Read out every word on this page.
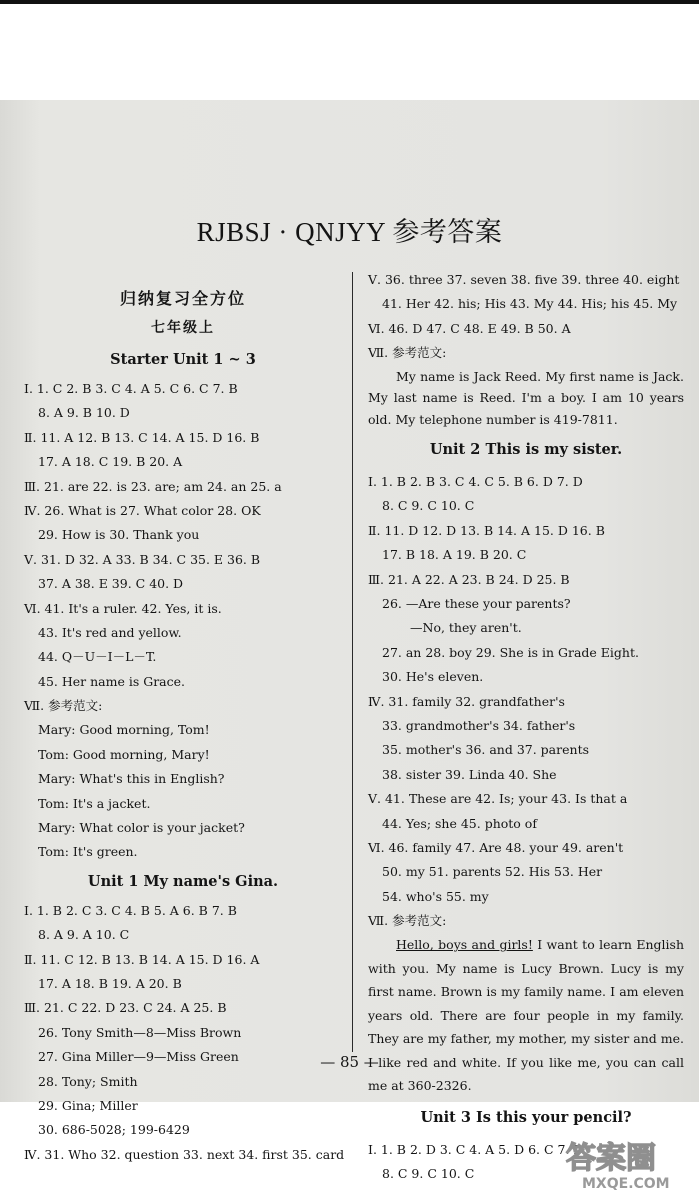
RJBSJ · QNJYY 参考答案
归纳复习全方位
七年级上
Starter Unit 1 ~ 3
Ⅰ. 1. C 2. B 3. C 4. A 5. C 6. C 7. B
8. A 9. B 10. D
Ⅱ. 11. A 12. B 13. C 14. A 15. D 16. B
17. A 18. C 19. B 20. A
Ⅲ. 21. are 22. is 23. are; am 24. an 25. a
Ⅳ. 26. What is 27. What color 28. OK
29. How is 30. Thank you
Ⅴ. 31. D 32. A 33. B 34. C 35. E 36. B
37. A 38. E 39. C 40. D
Ⅵ. 41. It's a ruler. 42. Yes, it is.
43. It's red and yellow.
44. Q－U－I－L－T.
45. Her name is Grace.
Ⅶ. 参考范文:
Mary: Good morning, Tom!
Tom: Good morning, Mary!
Mary: What's this in English?
Tom: It's a jacket.
Mary: What color is your jacket?
Tom: It's green.
Unit 1 My name's Gina.
Ⅰ. 1. B 2. C 3. C 4. B 5. A 6. B 7. B
8. A 9. A 10. C
Ⅱ. 11. C 12. B 13. B 14. A 15. D 16. A
17. A 18. B 19. A 20. B
Ⅲ. 21. C 22. D 23. C 24. A 25. B
26. Tony Smith—8—Miss Brown
27. Gina Miller—9—Miss Green
28. Tony; Smith
29. Gina; Miller
30. 686-5028; 199-6429
Ⅳ. 31. Who 32. question 33. next 34. first 35. card
Ⅴ. 36. three 37. seven 38. five 39. three 40. eight
41. Her 42. his; His 43. My 44. His; his 45. My
Ⅵ. 46. D 47. C 48. E 49. B 50. A
Ⅶ. 参考范文:
My name is Jack Reed. My first name is Jack. My last name is Reed. I'm a boy. I am 10 years old. My telephone number is 419-7811.
Unit 2 This is my sister.
Ⅰ. 1. B 2. B 3. C 4. C 5. B 6. D 7. D
8. C 9. C 10. C
Ⅱ. 11. D 12. D 13. B 14. A 15. D 16. B
17. B 18. A 19. B 20. C
Ⅲ. 21. A 22. A 23. B 24. D 25. B
26. —Are these your parents?
—No, they aren't.
27. an 28. boy 29. She is in Grade Eight.
30. He's eleven.
Ⅳ. 31. family 32. grandfather's
33. grandmother's 34. father's
35. mother's 36. and 37. parents
38. sister 39. Linda 40. She
Ⅴ. 41. These are 42. Is; your 43. Is that a
44. Yes; she 45. photo of
Ⅵ. 46. family 47. Are 48. your 49. aren't
50. my 51. parents 52. His 53. Her
54. who's 55. my
Ⅶ. 参考范文:
Hello, boys and girls! I want to learn English with you. My name is Lucy Brown. Lucy is my first name. Brown is my family name. I am eleven years old. There are four people in my family. They are my father, my mother, my sister and me. I like red and white. If you like me, you can call me at 360-2326.
Unit 3 Is this your pencil?
Ⅰ. 1. B 2. D 3. C 4. A 5. D 6. C 7. D
8. C 9. C 10. C
— 85 —
答案圈
MXQE.COM
